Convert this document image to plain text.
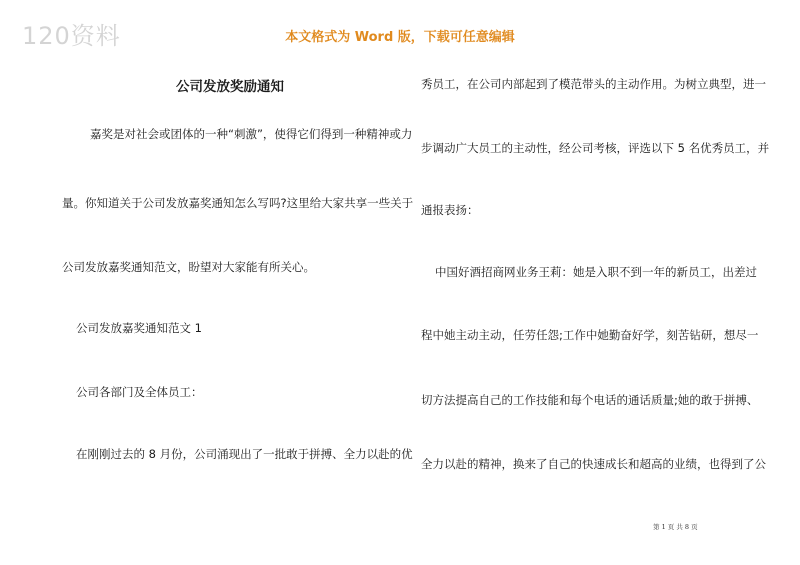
120资料	本文格式为 Word 版，下载可任意编辑
公司发放奖励通知
嘉奖是对社会或团体的一种“刺激”，使得它们得到一种精神或力
量。你知道关于公司发放嘉奖通知怎么写吗?这里给大家共享一些关于
公司发放嘉奖通知范文，盼望对大家能有所关心。
公司发放嘉奖通知范文 1
公司各部门及全体员工：
在刚刚过去的 8 月份，公司涌现出了一批敢于拼搏、全力以赴的优
秀员工，在公司内部起到了模范带头的主动作用。为树立典型，进一
步调动广大员工的主动性，经公司考核，评选以下 5 名优秀员工，并
通报表扬：
中国好酒招商网业务王莉：她是入职不到一年的新员工，出差过
程中她主动主动，任劳任怨;工作中她勤奋好学，刻苦钻研，想尽一
切方法提高自己的工作技能和每个电话的通话质量;她的敢于拼搏、
全力以赴的精神，换来了自己的快速成长和超高的业绩，也得到了公
第 1 页 共 8 页
